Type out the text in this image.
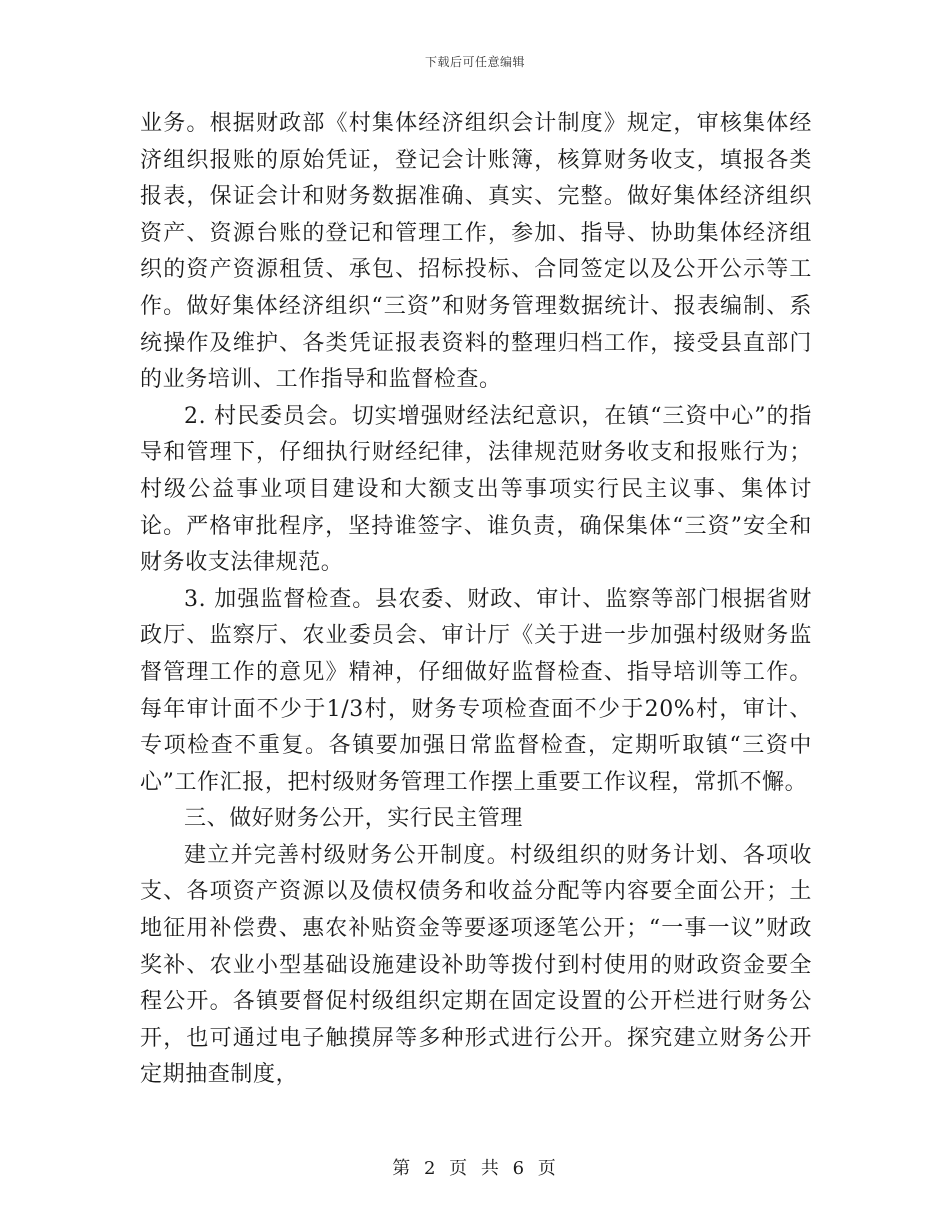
下载后可任意编辑

业务。根据财政部《村集体经济组织会计制度》规定，审核集体经济组织报账的原始凭证，登记会计账簿，核算财务收支，填报各类报表，保证会计和财务数据准确、真实、完整。做好集体经济组织资产、资源台账的登记和管理工作，参加、指导、协助集体经济组织的资产资源租赁、承包、招标投标、合同签定以及公开公示等工作。做好集体经济组织“三资”和财务管理数据统计、报表编制、系统操作及维护、各类凭证报表资料的整理归档工作，接受县直部门的业务培训、工作指导和监督检查。

2. 村民委员会。切实增强财经法纪意识，在镇“三资中心”的指导和管理下，仔细执行财经纪律，法律规范财务收支和报账行为；村级公益事业项目建设和大额支出等事项实行民主议事、集体讨论。严格审批程序，坚持谁签字、谁负责，确保集体“三资”安全和财务收支法律规范。

3. 加强监督检查。县农委、财政、审计、监察等部门根据省财政厅、监察厅、农业委员会、审计厅《关于进一步加强村级财务监督管理工作的意见》精神，仔细做好监督检查、指导培训等工作。每年审计面不少于1/3村，财务专项检查面不少于20%村，审计、专项检查不重复。各镇要加强日常监督检查，定期听取镇“三资中心”工作汇报，把村级财务管理工作摆上重要工作议程，常抓不懈。

三、做好财务公开，实行民主管理

建立并完善村级财务公开制度。村级组织的财务计划、各项收支、各项资产资源以及债权债务和收益分配等内容要全面公开；土地征用补偿费、惠农补贴资金等要逐项逐笔公开；“一事一议”财政奖补、农业小型基础设施建设补助等拨付到村使用的财政资金要全程公开。各镇要督促村级组织定期在固定设置的公开栏进行财务公开，也可通过电子触摸屏等多种形式进行公开。探究建立财务公开定期抽查制度，

第 2 页 共 6 页
